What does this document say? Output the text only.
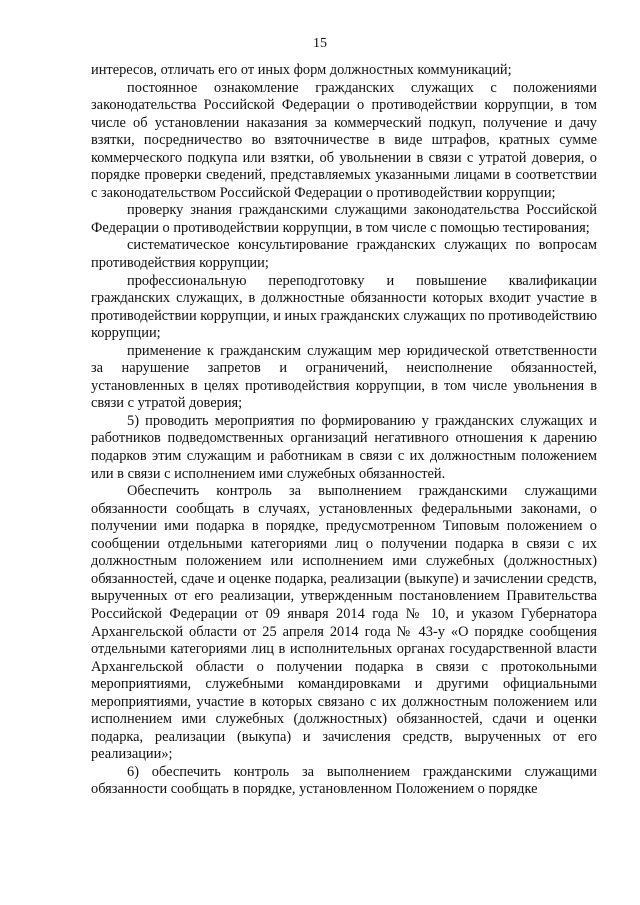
15

интересов, отличать его от иных форм должностных коммуникаций;

постоянное ознакомление гражданских служащих с положениями законодательства Российской Федерации о противодействии коррупции, в том числе об установлении наказания за коммерческий подкуп, получение и дачу взятки, посредничество во взяточничестве в виде штрафов, кратных сумме коммерческого подкупа или взятки, об увольнении в связи с утратой доверия, о порядке проверки сведений, представляемых указанными лицами в соответствии с законодательством Российской Федерации о противодействии коррупции;

проверку знания гражданскими служащими законодательства Российской Федерации о противодействии коррупции, в том числе с помощью тестирования;

систематическое консультирование гражданских служащих по вопросам противодействия коррупции;

профессиональную переподготовку и повышение квалификации гражданских служащих, в должностные обязанности которых входит участие в противодействии коррупции, и иных гражданских служащих по противодействию коррупции;

применение к гражданским служащим мер юридической ответственности за нарушение запретов и ограничений, неисполнение обязанностей, установленных в целях противодействия коррупции, в том числе увольнения в связи с утратой доверия;

5) проводить мероприятия по формированию у гражданских служащих и работников подведомственных организаций негативного отношения к дарению подарков этим служащим и работникам в связи с их должностным положением или в связи с исполнением ими служебных обязанностей.

Обеспечить контроль за выполнением гражданскими служащими обязанности сообщать в случаях, установленных федеральными законами, о получении ими подарка в порядке, предусмотренном Типовым положением о сообщении отдельными категориями лиц о получении подарка в связи с их должностным положением или исполнением ими служебных (должностных) обязанностей, сдаче и оценке подарка, реализации (выкупе) и зачислении средств, вырученных от его реализации, утвержденным постановлением Правительства Российской Федерации от 09 января 2014 года № 10, и указом Губернатора Архангельской области от 25 апреля 2014 года № 43-у «О порядке сообщения отдельными категориями лиц в исполнительных органах государственной власти Архангельской области о получении подарка в связи с протокольными мероприятиями, служебными командировками и другими официальными мероприятиями, участие в которых связано с их должностным положением или исполнением ими служебных (должностных) обязанностей, сдачи и оценки подарка, реализации (выкупа) и зачисления средств, вырученных от его реализации»;

6) обеспечить контроль за выполнением гражданскими служащими обязанности сообщать в порядке, установленном Положением о порядке
